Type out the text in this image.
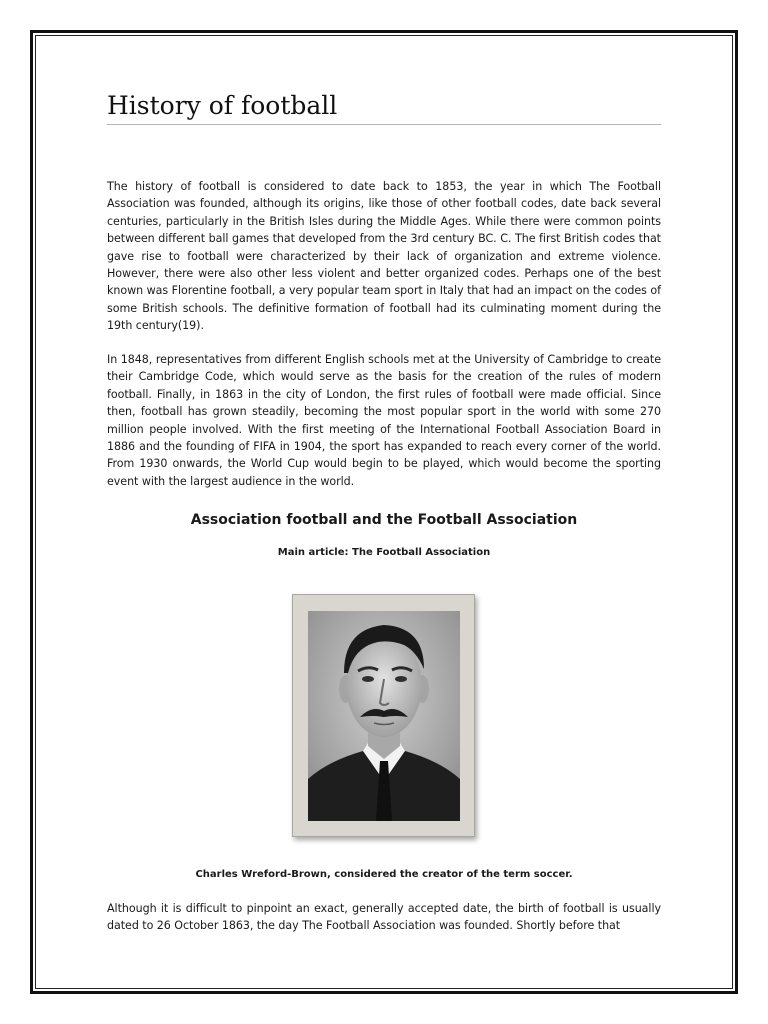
History of football

The history of football is considered to date back to 1853, the year in which The Football Association was founded, although its origins, like those of other football codes, date back several centuries, particularly in the British Isles during the Middle Ages. While there were common points between different ball games that developed from the 3rd century BC. C. The first British codes that gave rise to football were characterized by their lack of organization and extreme violence. However, there were also other less violent and better organized codes. Perhaps one of the best known was Florentine football, a very popular team sport in Italy that had an impact on the codes of some British schools. The definitive formation of football had its culminating moment during the 19th century(19).

In 1848, representatives from different English schools met at the University of Cambridge to create their Cambridge Code, which would serve as the basis for the creation of the rules of modern football. Finally, in 1863 in the city of London, the first rules of football were made official. Since then, football has grown steadily, becoming the most popular sport in the world with some 270 million people involved. With the first meeting of the International Football Association Board in 1886 and the founding of FIFA in 1904, the sport has expanded to reach every corner of the world. From 1930 onwards, the World Cup would begin to be played, which would become the sporting event with the largest audience in the world.

Association football and the Football Association

Main article: The Football Association

Charles Wreford-Brown, considered the creator of the term soccer.

Although it is difficult to pinpoint an exact, generally accepted date, the birth of football is usually dated to 26 October 1863, the day The Football Association was founded. Shortly before that
